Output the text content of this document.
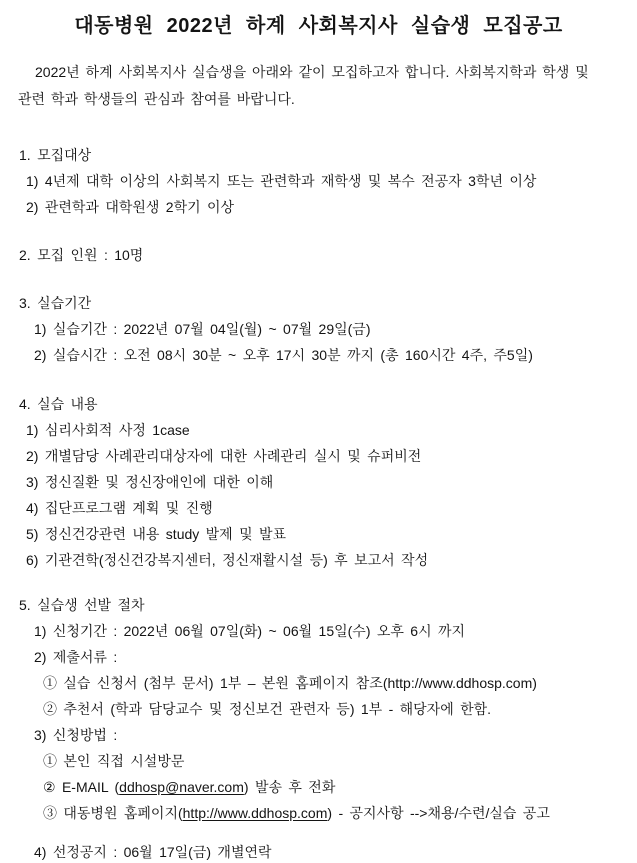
대동병원 2022년 하계 사회복지사 실습생 모집공고

2022년 하계 사회복지사 실습생을 아래와 같이 모집하고자 합니다. 사회복지학과 학생 및
관련 학과 학생들의 관심과 참여를 바랍니다.

1. 모집대상
1) 4년제 대학 이상의 사회복지 또는 관련학과 재학생 및 복수 전공자 3학년 이상
2) 관련학과 대학원생 2학기 이상
2. 모집 인원 : 10명
3. 실습기간
1) 실습기간 : 2022년 07월 04일(월) ~ 07월 29일(금)
2) 실습시간 : 오전 08시 30분 ~ 오후 17시 30분 까지 (총 160시간 4주, 주5일)
4. 실습 내용
1) 심리사회적 사정 1case
2) 개별담당 사례관리대상자에 대한 사례관리 실시 및 슈퍼비전
3) 정신질환 및 정신장애인에 대한 이해
4) 집단프로그램 계획 및 진행
5) 정신건강관련 내용 study 발제 및 발표
6) 기관견학(정신건강복지센터, 정신재활시설 등) 후 보고서 작성
5. 실습생 선발 절차
1) 신청기간 : 2022년 06월 07일(화) ~ 06월 15일(수) 오후 6시 까지
2) 제출서류 :
① 실습 신청서 (첨부 문서) 1부 – 본원 홈페이지 참조(http://www.ddhosp.com)
② 추천서 (학과 담당교수 및 정신보건 관련자 등) 1부 - 해당자에 한함.
3) 신청방법 :
① 본인 직접 시설방문
② E-MAIL (ddhosp@naver.com) 발송 후 전화
③ 대동병원 홈페이지(http://www.ddhosp.com) - 공지사항 -->채용/수련/실습 공고
4) 선정공지 : 06월 17일(금) 개별연락
